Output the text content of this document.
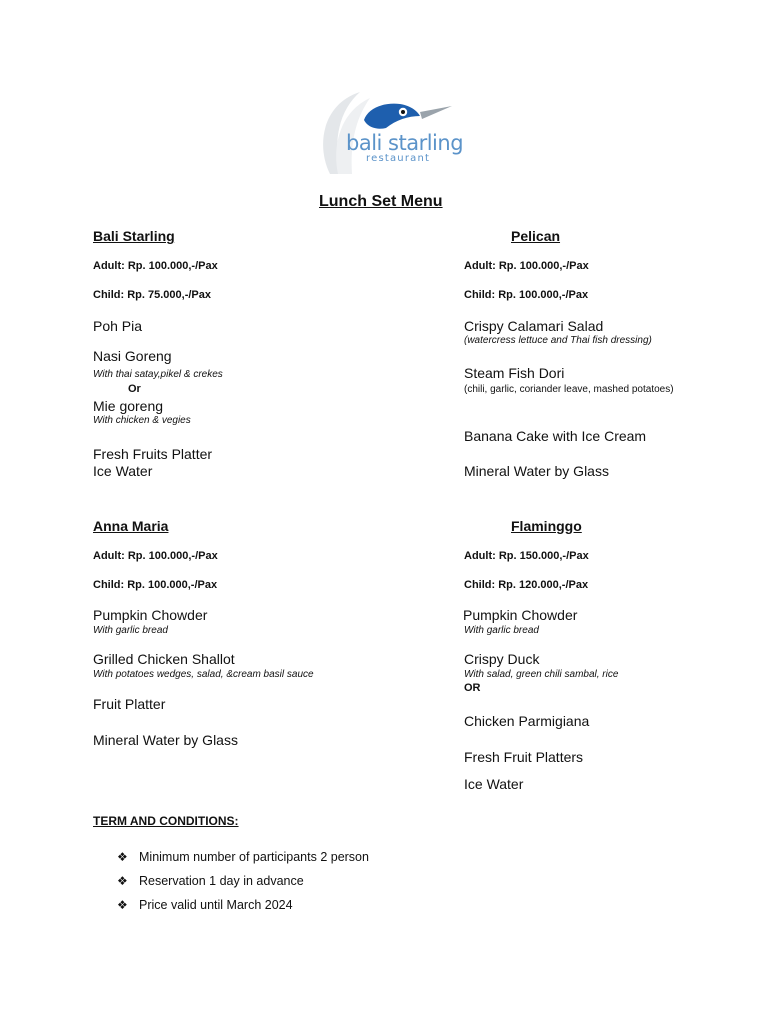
bali starling
restaurant
Lunch Set Menu
Bali Starling
Adult: Rp. 100.000,-/Pax
Child: Rp. 75.000,-/Pax
Poh Pia
Nasi Goreng
With thai satay,pikel & crekes
Or
Mie goreng
With chicken & vegies
Fresh Fruits Platter
Ice Water
Pelican
Adult: Rp. 100.000,-/Pax
Child: Rp. 100.000,-/Pax
Crispy Calamari Salad
(watercress lettuce and Thai fish dressing)
Steam Fish Dori
(chili, garlic, coriander leave, mashed potatoes)
Banana Cake with Ice Cream
Mineral Water by Glass
Anna Maria
Adult: Rp. 100.000,-/Pax
Child: Rp. 100.000,-/Pax
Pumpkin Chowder
With garlic bread
Grilled Chicken Shallot
With potatoes wedges, salad, &cream basil sauce
Fruit Platter
Mineral Water by Glass
Flaminggo
Adult: Rp. 150.000,-/Pax
Child: Rp. 120.000,-/Pax
Pumpkin Chowder
With garlic bread
Crispy Duck
With salad, green chili sambal, rice
OR
Chicken Parmigiana
Fresh Fruit Platters
Ice Water
TERM AND CONDITIONS:
❖ Minimum number of participants 2 person
❖ Reservation 1 day in advance
❖ Price valid until March 2024
